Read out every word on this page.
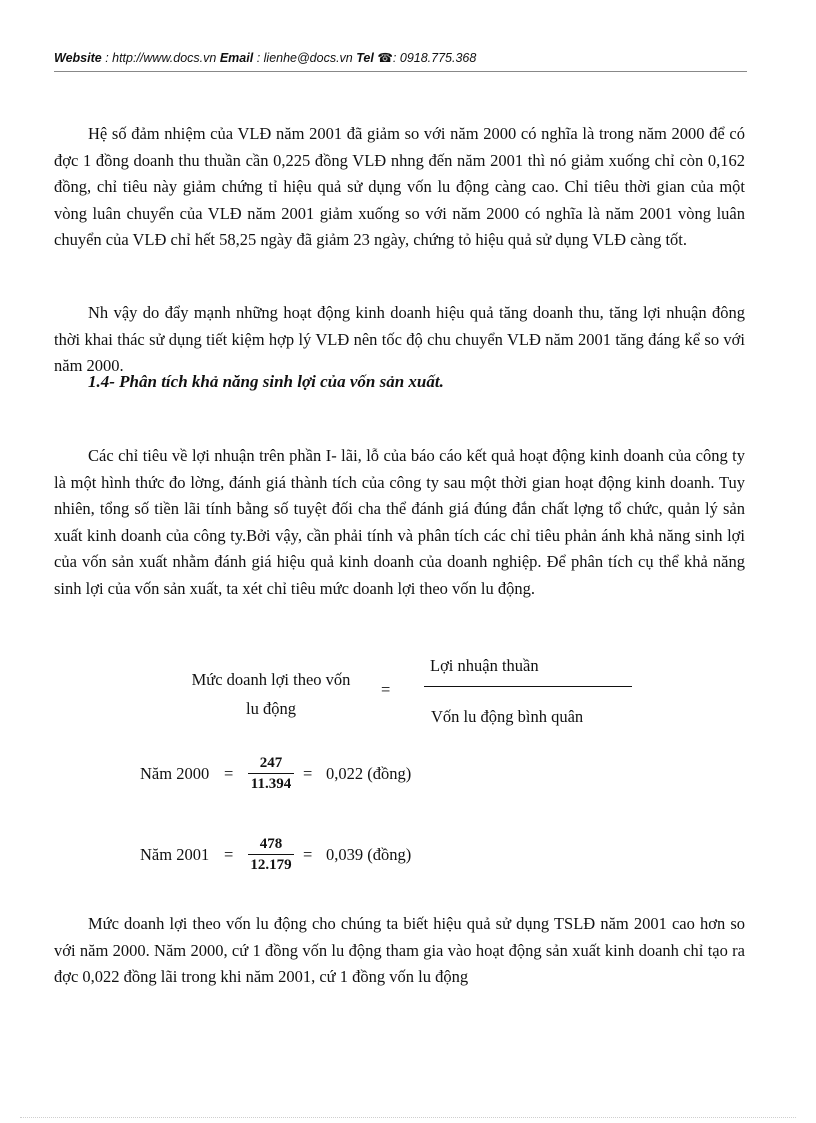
Website : http://www.docs.vn Email : lienhe@docs.vn Tel ☎: 0918.775.368

Hệ số đảm nhiệm của VLĐ năm 2001 đã giảm so với năm 2000 có nghĩa là trong năm 2000 để có đợc 1 đồng doanh thu thuần cần 0,225 đồng VLĐ nhng đến năm 2001 thì nó giảm xuống chỉ còn 0,162 đồng, chỉ tiêu này giảm chứng tỉ hiệu quả sử dụng vốn lu động càng cao. Chỉ tiêu thời gian của một vòng luân chuyển của VLĐ năm 2001 giảm xuống so với năm 2000 có nghĩa là năm 2001 vòng luân chuyển của VLĐ chỉ hết 58,25 ngày đã giảm 23 ngày, chứng tỏ hiệu quả sử dụng VLĐ càng tốt.

Nh vậy do đẩy mạnh những hoạt động kinh doanh hiệu quả tăng doanh thu, tăng lợi nhuận đông thời khai thác sử dụng tiết kiệm hợp lý VLĐ nên tốc độ chu chuyển VLĐ năm 2001 tăng đáng kể so với năm 2000.

1.4- Phân tích khả năng sinh lợi của vốn sản xuất.

Các chỉ tiêu về lợi nhuận trên phần I- lãi, lỗ của báo cáo kết quả hoạt động kinh doanh của công ty là một hình thức đo lờng, đánh giá thành tích của công ty sau một thời gian hoạt động kinh doanh. Tuy nhiên, tổng số tiền lãi tính bằng số tuyệt đối cha thể đánh giá đúng đắn chất lợng tổ chức, quản lý sản xuất kinh doanh của công ty.Bởi vậy, cần phải tính và phân tích các chỉ tiêu phản ánh khả năng sinh lợi của vốn sản xuất nhằm đánh giá hiệu quả kinh doanh của doanh nghiệp. Để phân tích cụ thể khả năng sinh lợi của vốn sản xuất, ta xét chỉ tiêu mức doanh lợi theo vốn lu động.

Mức doanh lợi theo vốn
lu động
=
Lợi nhuận thuần
Vốn lu động bình quân
Năm 2000 =
247
11.394
= 0,022 (đồng)
Năm 2001 =
478
12.179
= 0,039 (đồng)

Mức doanh lợi theo vốn lu động cho chúng ta biết hiệu quả sử dụng TSLĐ năm 2001 cao hơn so với năm 2000. Năm 2000, cứ 1 đồng vốn lu động tham gia vào hoạt động sản xuất kinh doanh chỉ tạo ra đợc 0,022 đồng lãi trong khi năm 2001, cứ 1 đồng vốn lu động
